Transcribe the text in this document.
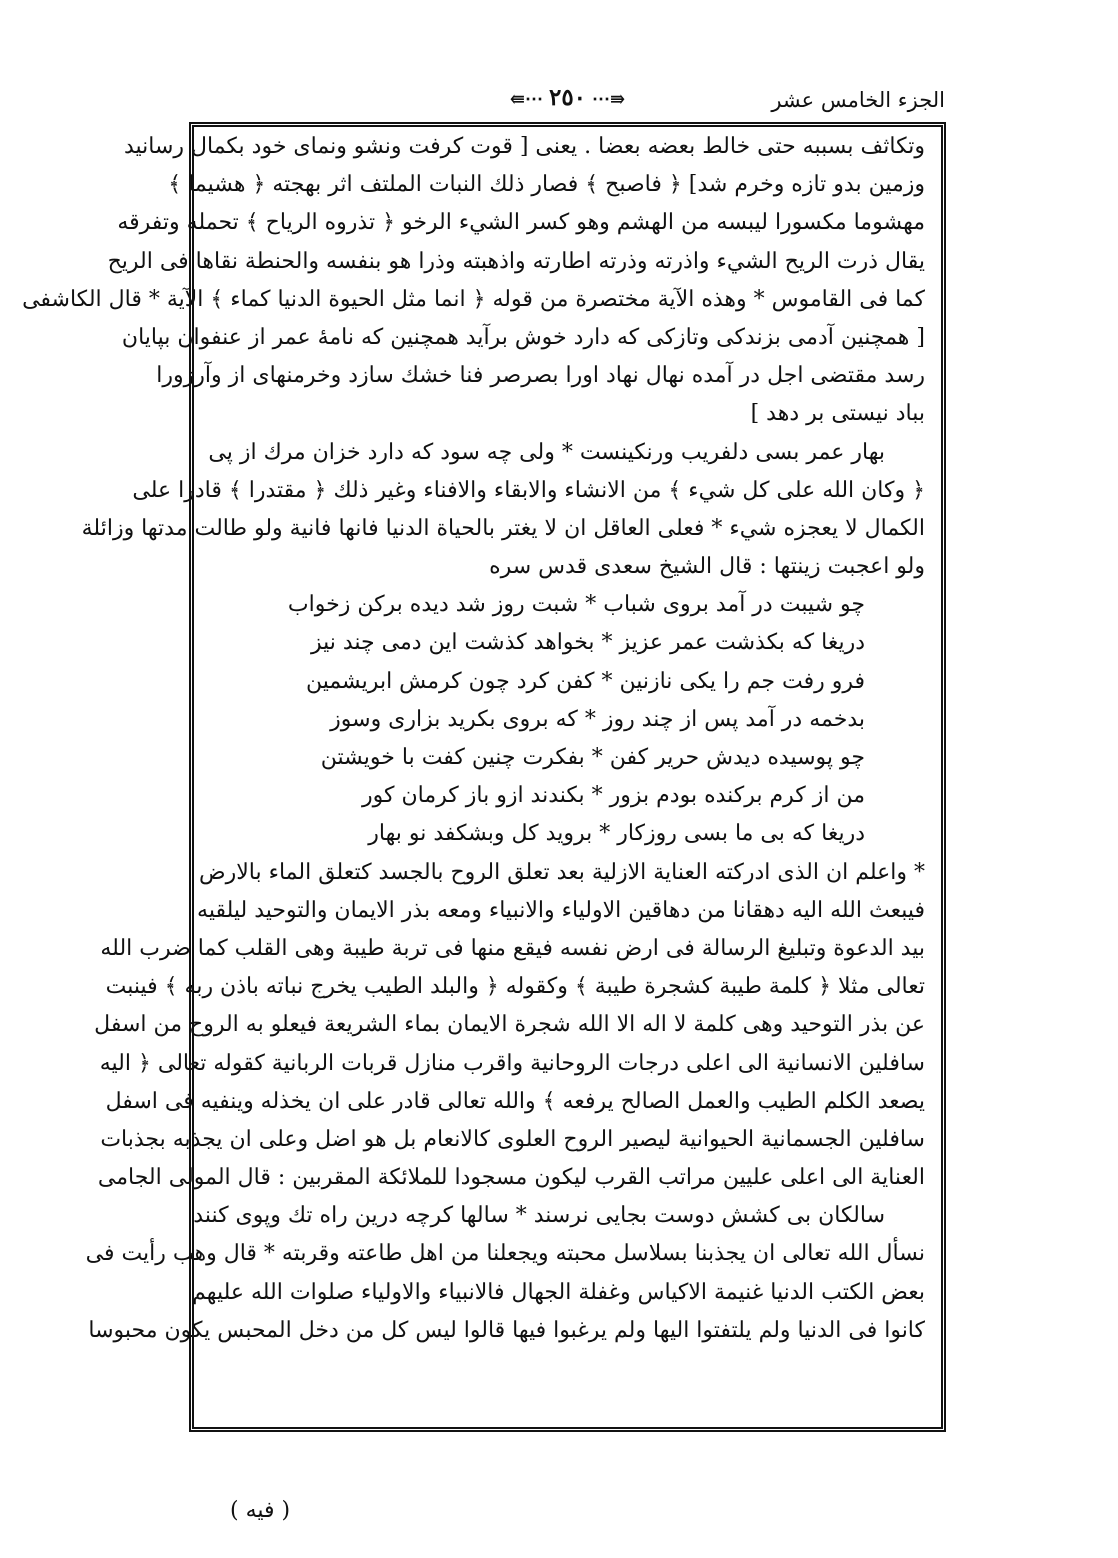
⇚⋯ ٢٥٠ ⋯⇛	الجزء الخامس عشر
وتكاثف بسببه حتى خالط بعضه بعضا . يعنى [ قوت كرفت ونشو ونماى خود بكمال رسانيد
وزمين بدو تازه وخرم شد] ﴿ فاصبح ﴾ فصار ذلك النبات الملتف اثر بهجته ﴿ هشيما ﴾
مهشوما مكسورا ليبسه من الهشم وهو كسر الشيء الرخو ﴿ تذروه الرياح ﴾ تحمله وتفرقه
يقال ذرت الريح الشيء واذرته وذرته اطارته واذهبته وذرا هو بنفسه والحنطة نقاها فى الريح
كما فى القاموس * وهذه الآية مختصرة من قوله ﴿ انما مثل الحيوة الدنيا كماء ﴾ الآية * قال الكاشفى
[ همچنين آدمى بزندكى وتازكى كه دارد خوش برآيد همچنين كه نامهٔ عمر از عنفوان بپايان
رسد مقتضى اجل در آمده نهال نهاد اورا بصرصر فنا خشك سازد وخرمنهاى از وآرزورا
بباد نيستى بر دهد ]
بهار عمر بسى دلفريب ورنكينست * ولى چه سود كه دارد خزان مرك از پى
﴿ وكان الله على كل شيء ﴾ من الانشاء والابقاء والافناء وغير ذلك ﴿ مقتدرا ﴾ قادرا على
الكمال لا يعجزه شيء * فعلى العاقل ان لا يغتر بالحياة الدنيا فانها فانية ولو طالت مدتها وزائلة
ولو اعجبت زينتها : قال الشيخ سعدى قدس سره
چو شيبت در آمد بروى شباب * شبت روز شد ديده بركن زخواب
دريغا كه بكذشت عمر عزيز * بخواهد كذشت اين دمى چند نيز
فرو رفت جم را يكى نازنين * كفن كرد چون كرمش ابريشمين
بدخمه در آمد پس از چند روز * كه بروى بكريد بزارى وسوز
چو پوسيده ديدش حرير كفن * بفكرت چنين كفت با خويشتن
من از كرم بركنده بودم بزور * بكندند ازو باز كرمان كور
دريغا كه بى ما بسى روزكار * برويد كل وبشكفد نو بهار
* واعلم ان الذى ادركته العناية الازلية بعد تعلق الروح بالجسد كتعلق الماء بالارض
فيبعث الله اليه دهقانا من دهاقين الاولياء والانبياء ومعه بذر الايمان والتوحيد ليلقيه
بيد الدعوة وتبليغ الرسالة فى ارض نفسه فيقع منها فى تربة طيبة وهى القلب كما ضرب الله
تعالى مثلا ﴿ كلمة طيبة كشجرة طيبة ﴾ وكقوله ﴿ والبلد الطيب يخرج نباته باذن ربه ﴾ فينبت
عن بذر التوحيد وهى كلمة لا اله الا الله شجرة الايمان بماء الشريعة فيعلو به الروح من اسفل
سافلين الانسانية الى اعلى درجات الروحانية واقرب منازل قربات الربانية كقوله تعالى ﴿ اليه
يصعد الكلم الطيب والعمل الصالح يرفعه ﴾ والله تعالى قادر على ان يخذله وينفيه فى اسفل
سافلين الجسمانية الحيوانية ليصير الروح العلوى كالانعام بل هو اضل وعلى ان يجذبه بجذبات
العناية الى اعلى عليين مراتب القرب ليكون مسجودا للملائكة المقربين : قال المولى الجامى
سالكان بى كشش دوست بجايى نرسند * سالها كرچه درين راه تك وپوى كنند
نسأل الله تعالى ان يجذبنا بسلاسل محبته ويجعلنا من اهل طاعته وقربته * قال وهب رأيت فى
بعض الكتب الدنيا غنيمة الاكياس وغفلة الجهال فالانبياء والاولياء صلوات الله عليهم
كانوا فى الدنيا ولم يلتفتوا اليها ولم يرغبوا فيها قالوا ليس كل من دخل المحبس يكون محبوسا
( فيه )
